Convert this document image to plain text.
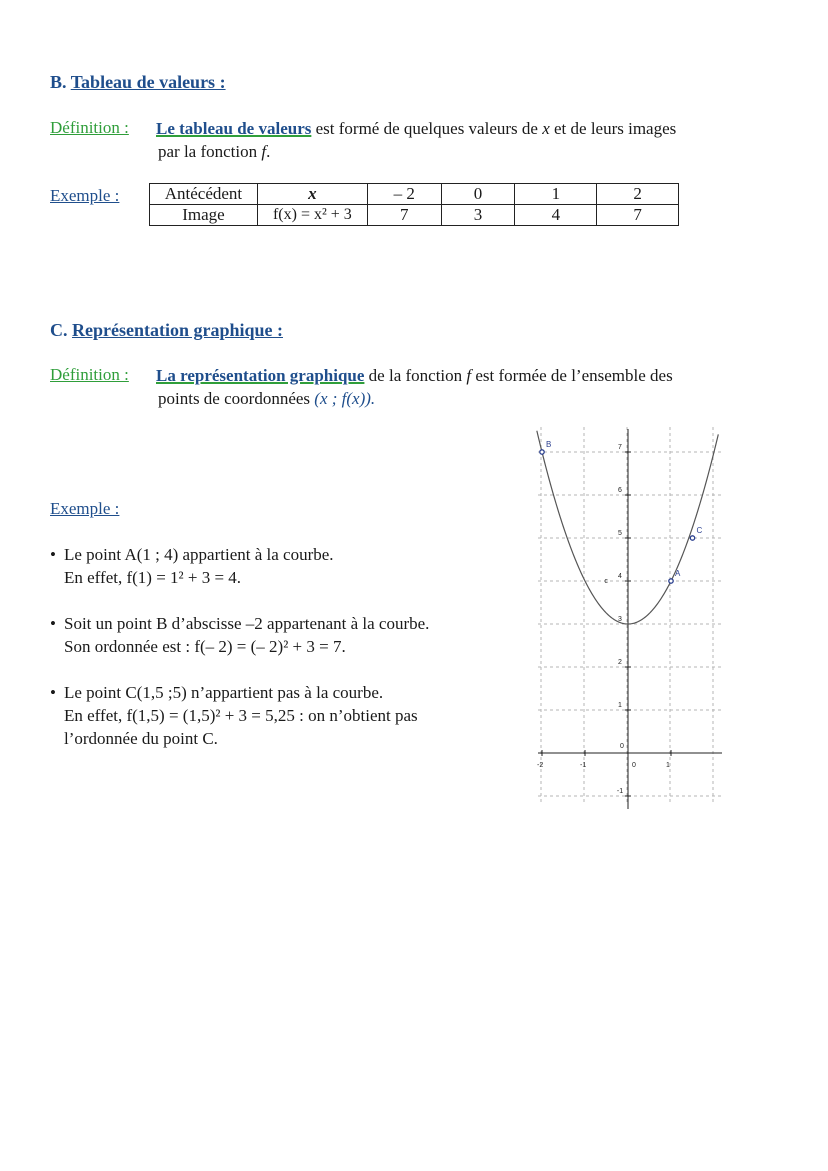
B. Tableau de valeurs :
Définition : Le tableau de valeurs est formé de quelques valeurs de x et de leurs images
par la fonction f.
Exemple :	Antécédent	x	– 2	0	1	2
Image	f(x) = x² + 3	7	3	4	7
C. Représentation graphique :
Définition : La représentation graphique de la fonction f est formée de l’ensemble des
points de coordonnées (x ; f(x)).
Exemple :
• Le point A(1 ; 4) appartient à la courbe.
En effet, f(1) = 1² + 3 = 4.
• Soit un point B d’abscisse –2 appartenant à la courbe.
Son ordonnée est : f(– 2) = (– 2)² + 3 = 7.
• Le point C(1,5 ;5) n’appartient pas à la courbe.
En effet, f(1,5) = (1,5)² + 3 = 5,25 : on n’obtient pas
l’ordonnée du point C.
-2	-1	0	1
-1
1
2
3
4
5
6
7
0
c
A
B
C
